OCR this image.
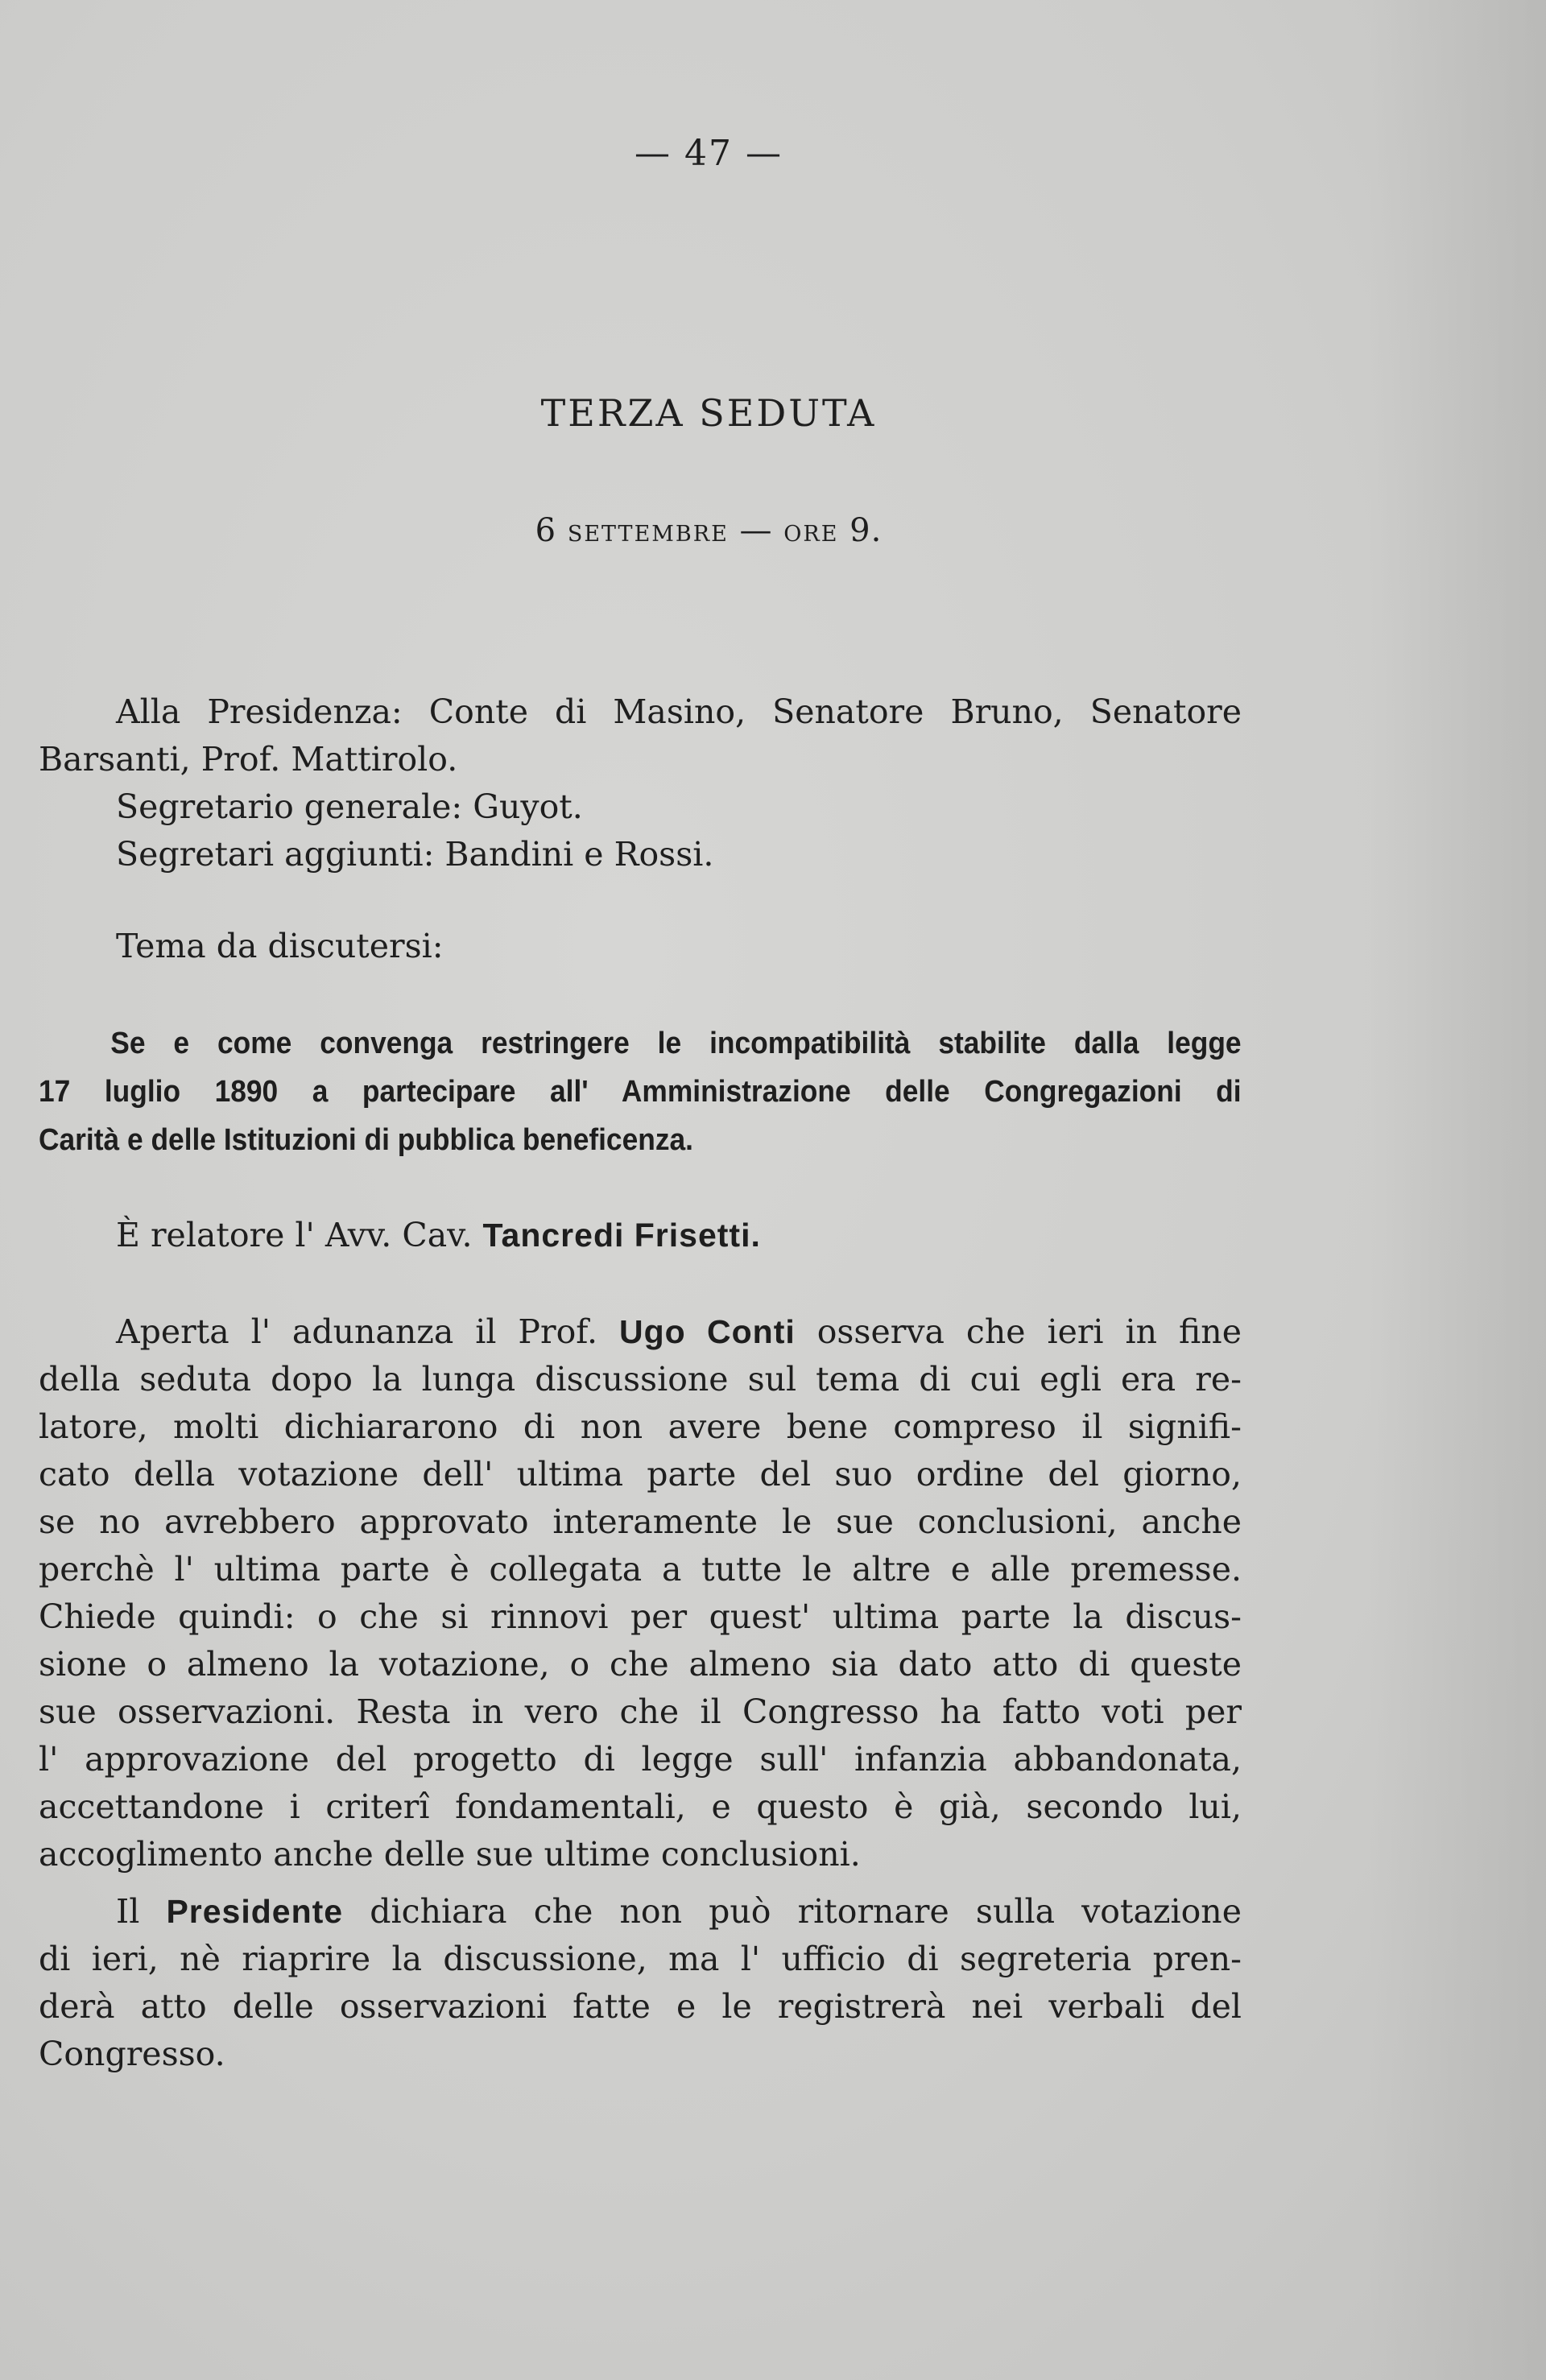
— 47 —
TERZA SEDUTA
6 SETTEMBRE — ORE 9.

Alla Presidenza: Conte di Masino, Senatore Bruno, Senatore

Barsanti, Prof. Mattirolo.

Segretario generale: Guyot.

Segretari aggiunti: Bandini e Rossi.

Tema da discutersi:

Se e come convenga restringere le incompatibilità stabilite dalla legge

17 luglio 1890 a partecipare all' Amministrazione delle Congregazioni di

Carità e delle Istituzioni di pubblica beneficenza.

È relatore l' Avv. Cav. Tancredi Frisetti.

Aperta l' adunanza il Prof. Ugo Conti osserva che ieri in fine

della seduta dopo la lunga discussione sul tema di cui egli era re-

latore, molti dichiararono di non avere bene compreso il signifi-

cato della votazione dell' ultima parte del suo ordine del giorno,

se no avrebbero approvato interamente le sue conclusioni, anche

perchè l' ultima parte è collegata a tutte le altre e alle premesse.

Chiede quindi: o che si rinnovi per quest' ultima parte la discus-

sione o almeno la votazione, o che almeno sia dato atto di queste

sue osservazioni. Resta in vero che il Congresso ha fatto voti per

l' approvazione del progetto di legge sull' infanzia abbandonata,

accettandone i criterî fondamentali, e questo è già, secondo lui,

accoglimento anche delle sue ultime conclusioni.

Il Presidente dichiara che non può ritornare sulla votazione

di ieri, nè riaprire la discussione, ma l' ufficio di segreteria pren-

derà atto delle osservazioni fatte e le registrerà nei verbali del

Congresso.
